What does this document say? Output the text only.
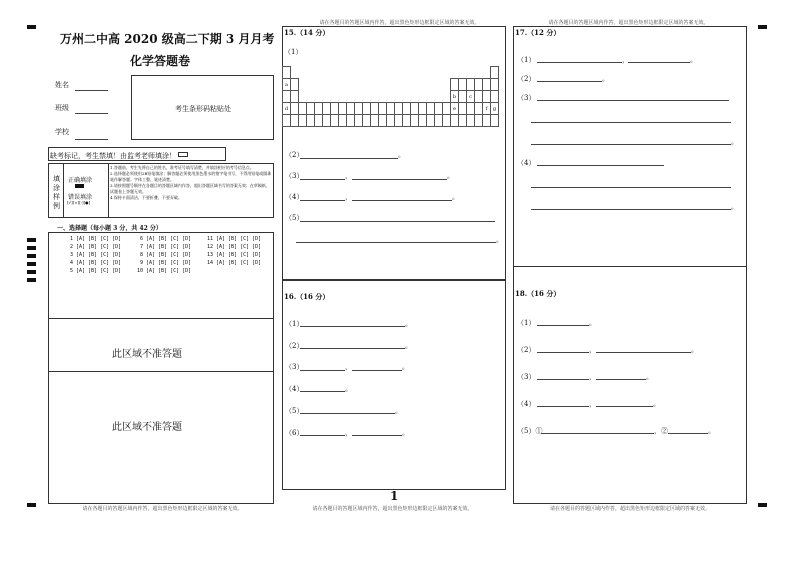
请在各题目的答题区域内作答，超出黑色矩形边框限定区域的答案无效。	请在各题目的答题区域内作答，超出黑色矩形边框限定区域的答案无效。
请在各题目的答题区域内作答，超出黑色矩形边框限定区域的答案无效。	请在各题目的答题区域内作答，超出黑色矩形边框限定区域的答案无效。	请在各题目的答题区域内作答，超出黑色矩形边框限定区域的答案无效。
万州二中高 2020 级高二下期 3 月月考
化学答题卷
姓名
班级
学校
考生条形码粘贴处
缺考标记，考生禁填！由监考老师填涂！
填涂样例
正确填涂
错误填涂
[√][×][-][●]
1.答题前，考生先将自己的姓名、准考证号填写清楚，并填涂相应的考号信息点。
2.选择题必须使用2B铅笔填涂；解答题必须使用黑色墨水的签字笔书写，不得用铅笔或圆珠笔作解答题；字体工整、笔迹清楚。
3.请按照题号顺序在各题目的答题区域内作答，超出答题区域书写的答案无效；在草稿纸、试题卷上答题无效。
4.保持卡面清洁，不要折叠、不要弄破。
一、选择题（每小题 3 分，共 42 分）
1 [A] [B] [C] [D]
2 [A] [B] [C] [D]
3 [A] [B] [C] [D]
4 [A] [B] [C] [D]
5 [A] [B] [C] [D]
6 [A] [B] [C] [D]
7 [A] [B] [C] [D]
8 [A] [B] [C] [D]
9 [A] [B] [C] [D]
10 [A] [B] [C] [D]
11 [A] [B] [C] [D]
12 [A] [B] [C] [D]
13 [A] [B] [C] [D]
14 [A] [B] [C] [D]
此区域不准答题
此区域不准答题
15.（14 分）
（1）

a																										
																					b		c			
d																					e				f	g

（2）	。
（3）	，	。
（4）	，	。
（5）
。
16.（16 分）
（1）	。
（2）	。
（3）	，	。
（4）	。
（5）	。
（6）	，	。
1
17.（12 分）
（1）	，	。
（2）	。
（3）
。
（4）
。
18.（16 分）
（1）	。
（2）	，	。
（3）	，	。
（4）	，	。
（5）①	，②	。
